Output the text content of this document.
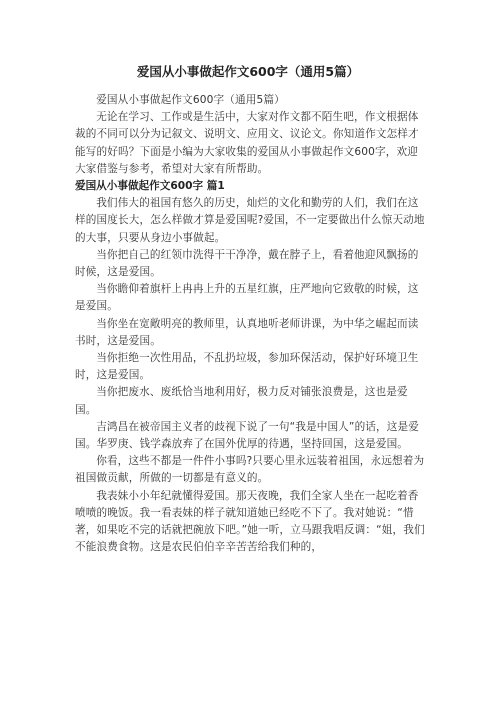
爱国从小事做起作文600字（通用5篇）

爱国从小事做起作文600字（通用5篇）

无论在学习、工作或是生活中，大家对作文都不陌生吧，作文根据体裁的不同可以分为记叙文、说明文、应用文、议论文。你知道作文怎样才能写的好吗？下面是小编为大家收集的爱国从小事做起作文600字，欢迎大家借鉴与参考，希望对大家有所帮助。

爱国从小事做起作文600字 篇1

我们伟大的祖国有悠久的历史，灿烂的文化和勤劳的人们，我们在这样的国度长大，怎么样做才算是爱国呢?爱国，不一定要做出什么惊天动地的大事，只要从身边小事做起。

当你把自己的红领巾洗得干干净净，戴在脖子上，看着他迎风飘扬的时候，这是爱国。

当你瞻仰着旗杆上冉冉上升的五星红旗，庄严地向它致敬的时候，这是爱国。

当你坐在宽敞明亮的教师里，认真地听老师讲课，为中华之崛起而读书时，这是爱国。

当你拒绝一次性用品，不乱扔垃圾，参加环保活动，保护好环境卫生时，这是爱国。

当你把废水、废纸恰当地利用好，极力反对铺张浪费是，这也是爱国。

吉鸿昌在被帝国主义者的歧视下说了一句“我是中国人”的话，这是爱国。华罗庚、钱学森放弃了在国外优厚的待遇，坚持回国，这是爱国。

你看，这些不都是一件件小事吗?只要心里永远装着祖国，永远想着为祖国做贡献，所做的一切都是有意义的。

我表妹小小年纪就懂得爱国。那天夜晚，我们全家人坐在一起吃着香喷喷的晚饭。我一看表妹的样子就知道她已经吃不下了。我对她说：“惜著，如果吃不完的话就把碗放下吧。”她一听，立马跟我唱反调：“姐，我们不能浪费食物。这是农民伯伯辛辛苦苦给我们种的，
